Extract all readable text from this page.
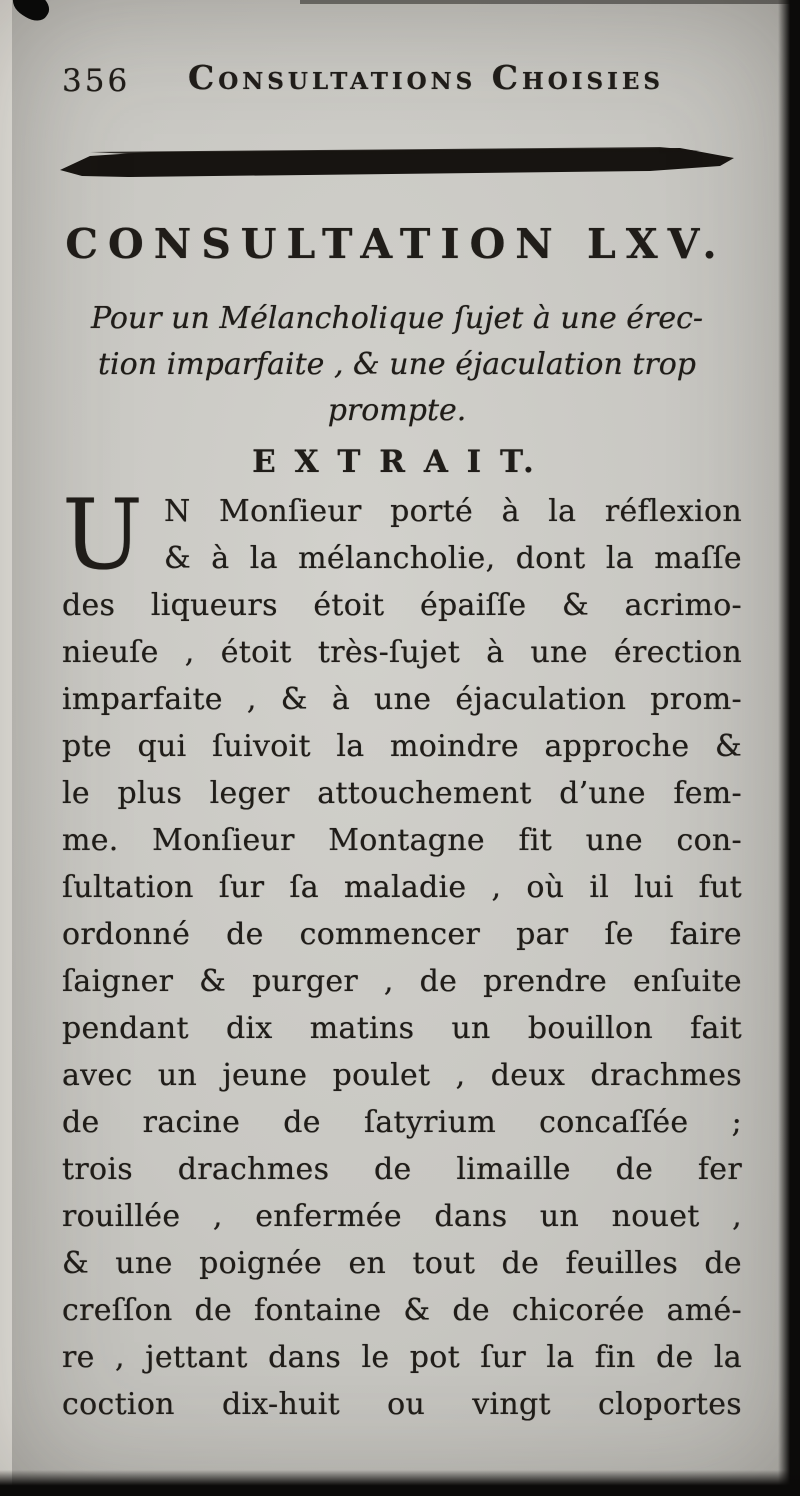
356	Consultations Choisies
CONSULTATION LXV.
Pour un Mélancholique ſujet à une érec-
tion imparfaite , & une éjaculation trop
prompte.
E X T R A I T.
U N Monſieur porté à la réflexion
& à la mélancholie, dont la maſſe
des liqueurs étoit épaiſſe & acrimo-
nieuſe , étoit très-ſujet à une érection
imparfaite , & à une éjaculation prom-
pte qui ſuivoit la moindre approche &
le plus leger attouchement d’une fem-
me. Monſieur Montagne fit une con-
ſultation ſur ſa maladie , où il lui fut
ordonné de commencer par ſe faire
ſaigner & purger , de prendre enſuite
pendant dix matins un bouillon fait
avec un jeune poulet , deux drachmes
de racine de ſatyrium concaſſée ;
trois drachmes de limaille de fer
rouillée , enfermée dans un nouet ,
& une poignée en tout de feuilles de
creſſon de fontaine & de chicorée amé-
re , jettant dans le pot ſur la fin de la
coction dix-huit ou vingt cloportes
